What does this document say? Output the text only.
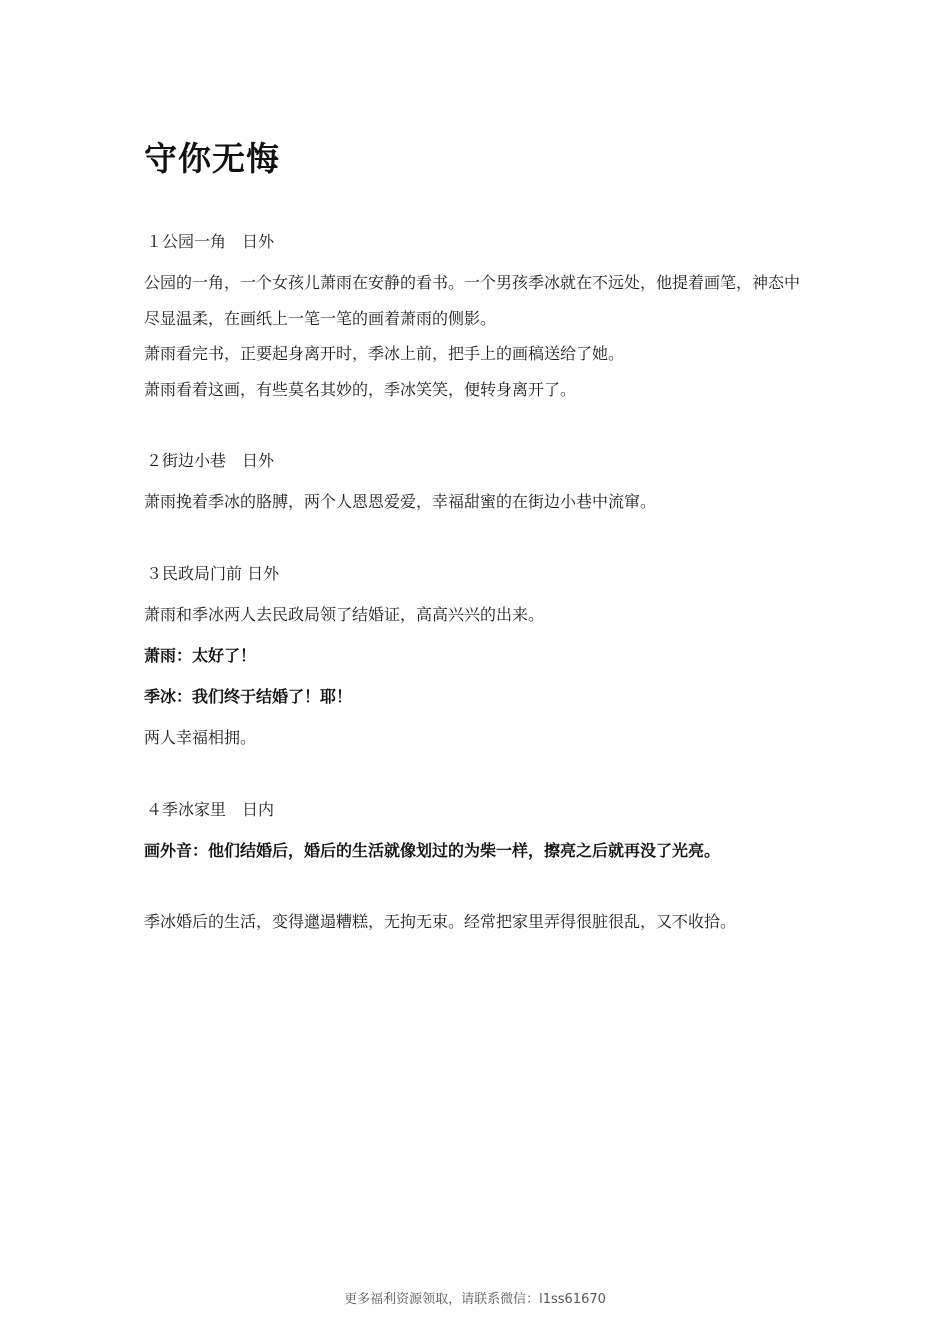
守你无悔
１公园一角　日外
公园的一角，一个女孩儿萧雨在安静的看书。一个男孩季冰就在不远处，他提着画笔，神态中
尽显温柔，在画纸上一笔一笔的画着萧雨的侧影。
萧雨看完书，正要起身离开时，季冰上前，把手上的画稿送给了她。
萧雨看着这画，有些莫名其妙的，季冰笑笑，便转身离开了。
２街边小巷　日外
萧雨挽着季冰的胳膊，两个人恩恩爱爱，幸福甜蜜的在街边小巷中流窜。
３民政局门前 日外
萧雨和季冰两人去民政局领了结婚证，高高兴兴的出来。
萧雨：太好了！
季冰：我们终于结婚了！耶！
两人幸福相拥。
４季冰家里　日内
画外音：他们结婚后，婚后的生活就像划过的为柴一样，擦亮之后就再没了光亮。
季冰婚后的生活，变得邋遢糟糕，无拘无束。经常把家里弄得很脏很乱，又不收拾。
更多福利资源领取，请联系微信：l1ss61670
